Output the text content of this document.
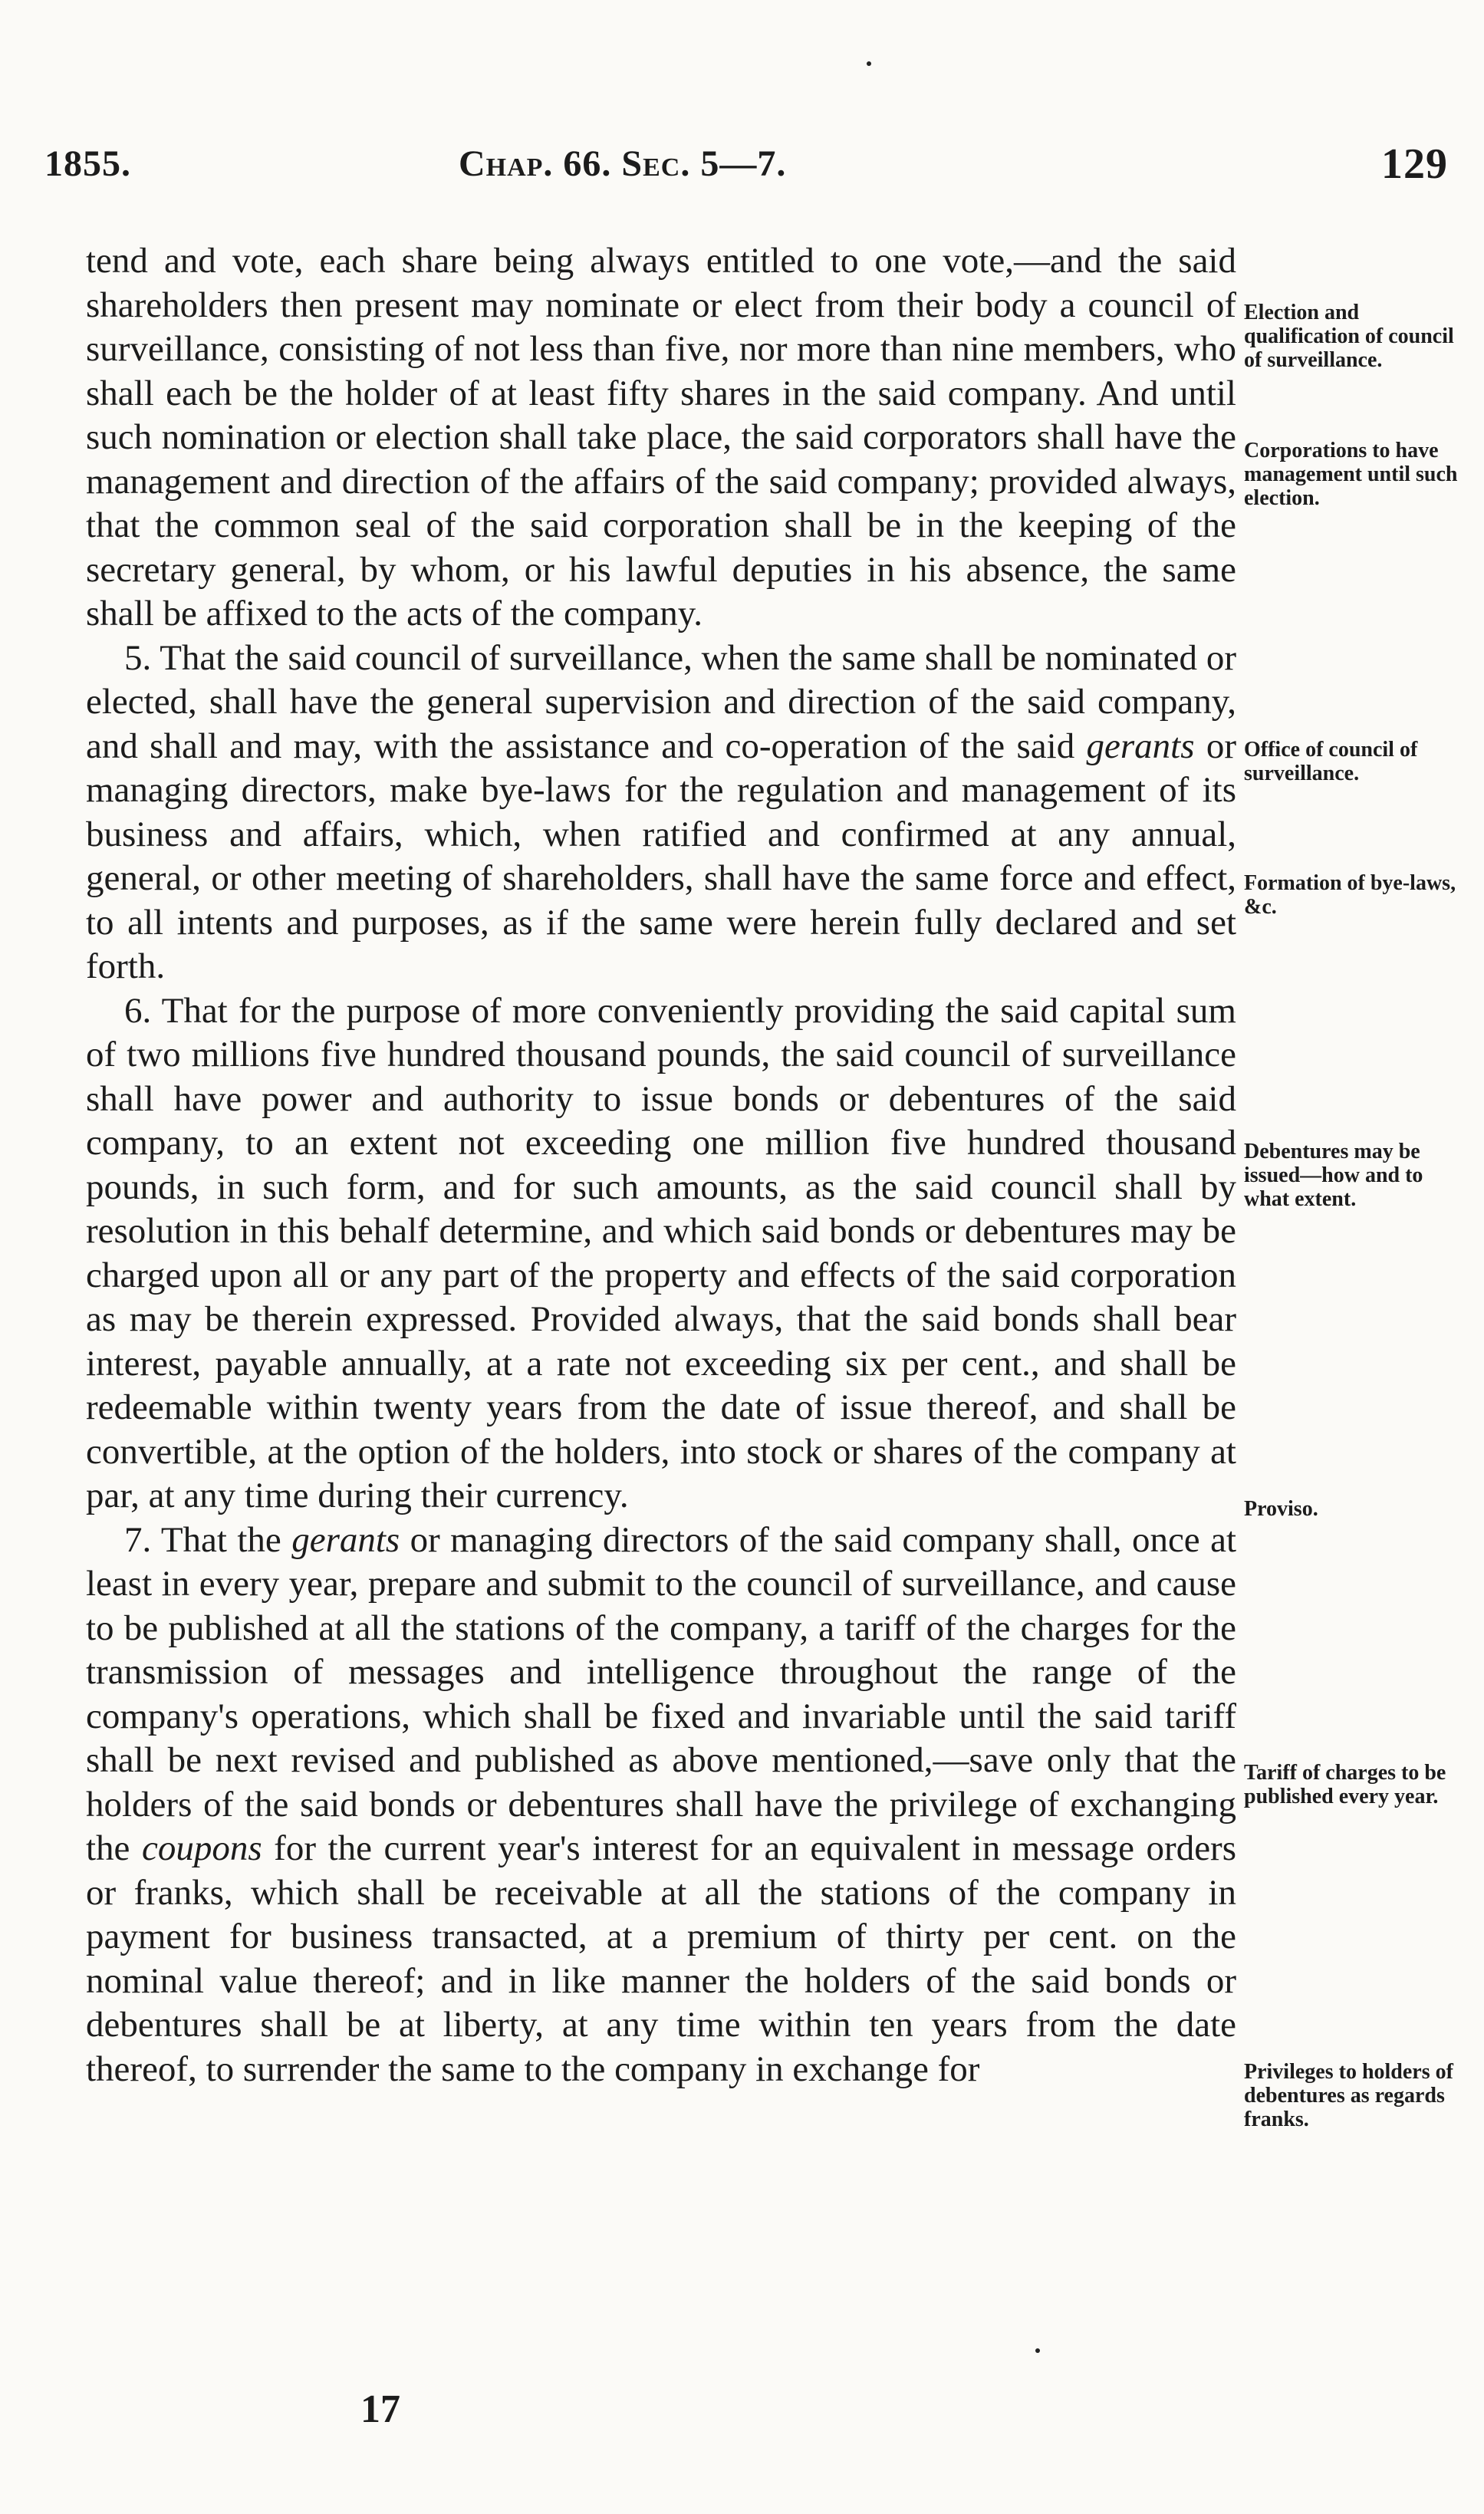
1855.	Chap. 66. Sec. 5—7.	129

tend and vote, each share being always entitled to one vote,—and the said shareholders then present may nominate or elect from their body a council of surveillance, consisting of not less than five, nor more than nine members, who shall each be the holder of at least fifty shares in the said company. And until such nomination or election shall take place, the said corporators shall have the management and direction of the affairs of the said company; provided always, that the common seal of the said corporation shall be in the keeping of the secretary general, by whom, or his lawful deputies in his absence, the same shall be affixed to the acts of the company.

5. That the said council of surveillance, when the same shall be nominated or elected, shall have the general supervision and direction of the said company, and shall and may, with the assistance and co-operation of the said gerants or managing directors, make bye-laws for the regulation and management of its business and affairs, which, when ratified and confirmed at any annual, general, or other meeting of shareholders, shall have the same force and effect, to all intents and purposes, as if the same were herein fully declared and set forth.

6. That for the purpose of more conveniently providing the said capital sum of two millions five hundred thousand pounds, the said council of surveillance shall have power and authority to issue bonds or debentures of the said company, to an extent not exceeding one million five hundred thousand pounds, in such form, and for such amounts, as the said council shall by resolution in this behalf determine, and which said bonds or debentures may be charged upon all or any part of the property and effects of the said corporation as may be therein expressed. Provided always, that the said bonds shall bear interest, payable annually, at a rate not exceeding six per cent., and shall be redeemable within twenty years from the date of issue thereof, and shall be convertible, at the option of the holders, into stock or shares of the company at par, at any time during their currency.

7. That the gerants or managing directors of the said company shall, once at least in every year, prepare and submit to the council of surveillance, and cause to be published at all the stations of the company, a tariff of the charges for the transmission of messages and intelligence throughout the range of the company's operations, which shall be fixed and invariable until the said tariff shall be next revised and published as above mentioned,—save only that the holders of the said bonds or debentures shall have the privilege of exchanging the coupons for the current year's interest for an equivalent in message orders or franks, which shall be receivable at all the stations of the company in payment for business transacted, at a premium of thirty per cent. on the nominal value thereof; and in like manner the holders of the said bonds or debentures shall be at liberty, at any time within ten years from the date thereof, to surrender the same to the company in exchange for

Election and qualification of council of surveillance.
Corporations to have management until such election.
Office of council of surveillance.
Formation of bye-laws, &c.
Debentures may be issued—how and to what extent.
Proviso.
Tariff of charges to be published every year.
Privileges to holders of debentures as regards franks.
17
